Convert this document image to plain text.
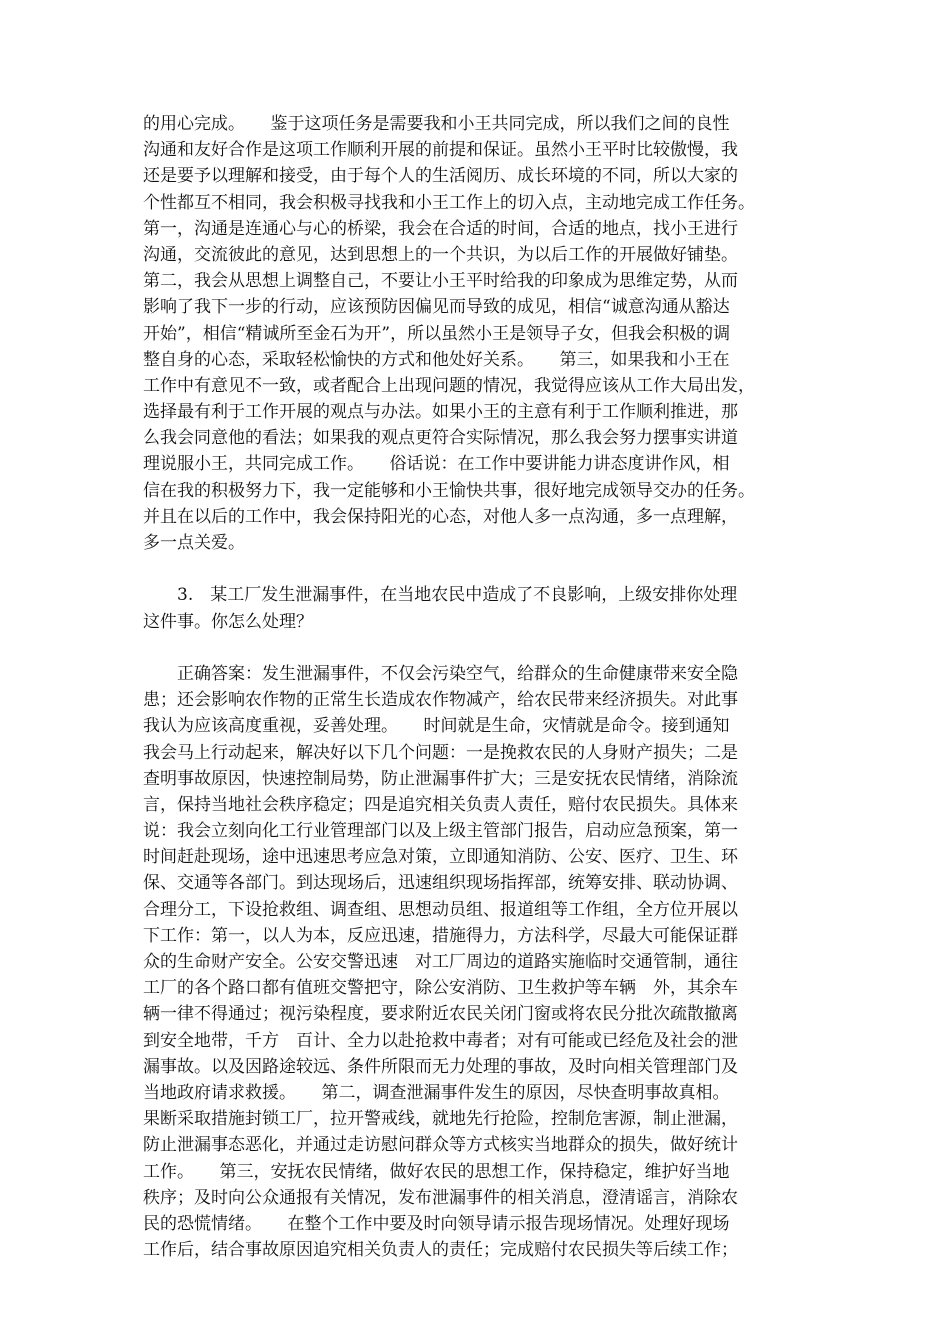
的用心完成。　　鉴于这项任务是需要我和小王共同完成，所以我们之间的良性
沟通和友好合作是这项工作顺利开展的前提和保证。虽然小王平时比较傲慢，我
还是要予以理解和接受，由于每个人的生活阅历、成长环境的不同，所以大家的
个性都互不相同，我会积极寻找我和小王工作上的切入点，主动地完成工作任务。
第一，沟通是连通心与心的桥梁，我会在合适的时间，合适的地点，找小王进行
沟通，交流彼此的意见，达到思想上的一个共识，为以后工作的开展做好铺垫。
第二，我会从思想上调整自己，不要让小王平时给我的印象成为思维定势，从而
影响了我下一步的行动，应该预防因偏见而导致的成见，相信“诚意沟通从豁达
开始”，相信“精诚所至金石为开”，所以虽然小王是领导子女，但我会积极的调
整自身的心态，采取轻松愉快的方式和他处好关系。　　第三，如果我和小王在
工作中有意见不一致，或者配合上出现问题的情况，我觉得应该从工作大局出发，
选择最有利于工作开展的观点与办法。如果小王的主意有利于工作顺利推进，那
么我会同意他的看法；如果我的观点更符合实际情况，那么我会努力摆事实讲道
理说服小王，共同完成工作。　　俗话说：在工作中要讲能力讲态度讲作风，相
信在我的积极努力下，我一定能够和小王愉快共事，很好地完成领导交办的任务。
并且在以后的工作中，我会保持阳光的心态，对他人多一点沟通，多一点理解，
多一点关爱。
　　3.　某工厂发生泄漏事件，在当地农民中造成了不良影响，上级安排你处理
这件事。你怎么处理？
　　正确答案：发生泄漏事件，不仅会污染空气，给群众的生命健康带来安全隐
患；还会影响农作物的正常生长造成农作物减产，给农民带来经济损失。对此事
我认为应该高度重视，妥善处理。　　时间就是生命，灾情就是命令。接到通知
我会马上行动起来，解决好以下几个问题：一是挽救农民的人身财产损失；二是
查明事故原因，快速控制局势，防止泄漏事件扩大；三是安抚农民情绪，消除流
言，保持当地社会秩序稳定；四是追究相关负责人责任，赔付农民损失。具体来
说：我会立刻向化工行业管理部门以及上级主管部门报告，启动应急预案，第一
时间赶赴现场，途中迅速思考应急对策，立即通知消防、公安、医疗、卫生、环
保、交通等各部门。到达现场后，迅速组织现场指挥部，统筹安排、联动协调、
合理分工，下设抢救组、调查组、思想动员组、报道组等工作组，全方位开展以
下工作：第一，以人为本，反应迅速，措施得力，方法科学，尽最大可能保证群
众的生命财产安全。公安交警迅速　对工厂周边的道路实施临时交通管制，通往
工厂的各个路口都有值班交警把守，除公安消防、卫生救护等车辆　外，其余车
辆一律不得通过；视污染程度，要求附近农民关闭门窗或将农民分批次疏散撤离
到安全地带，千方　百计、全力以赴抢救中毒者；对有可能或已经危及社会的泄
漏事故。以及因路途较远、条件所限而无力处理的事故，及时向相关管理部门及
当地政府请求救援。　　第二，调查泄漏事件发生的原因，尽快查明事故真相。
果断采取措施封锁工厂，拉开警戒线，就地先行抢险，控制危害源，制止泄漏，
防止泄漏事态恶化，并通过走访慰问群众等方式核实当地群众的损失，做好统计
工作。　　第三，安抚农民情绪，做好农民的思想工作，保持稳定，维护好当地
秩序；及时向公众通报有关情况，发布泄漏事件的相关消息，澄清谣言，消除农
民的恐慌情绪。　　在整个工作中要及时向领导请示报告现场情况。处理好现场
工作后，结合事故原因追究相关负责人的责任；完成赔付农民损失等后续工作；
